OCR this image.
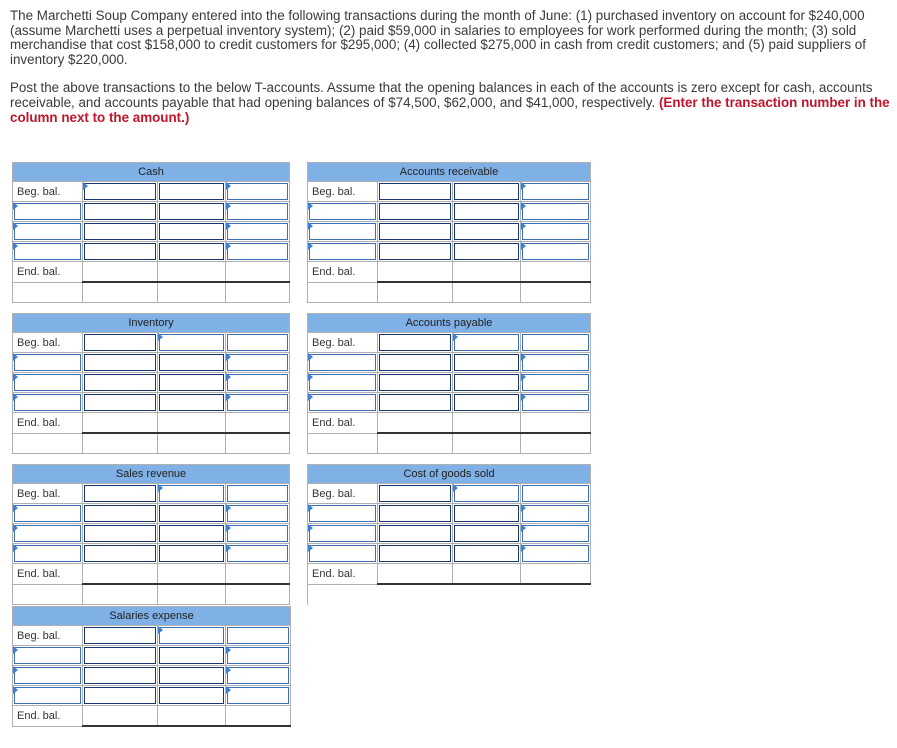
The Marchetti Soup Company entered into the following transactions during the month of June: (1) purchased inventory on account for $240,000 (assume Marchetti uses a perpetual inventory system); (2) paid $59,000 in salaries to employees for work performed during the month; (3) sold merchandise that cost $158,000 to credit customers for $295,000; (4) collected $275,000 in cash from credit customers; and (5) paid suppliers of inventory $220,000.

Post the above transactions to the below T-accounts. Assume that the opening balances in each of the accounts is zero except for cash, accounts receivable, and accounts payable that had opening balances of $74,500, $62,000, and $41,000, respectively. (Enter the transaction number in the column next to the amount.)

Cash					Accounts receivable			
Beg. bal.					Beg. bal.	

End. bal.					End. bal.			

Inventory					Accounts payable			
Beg. bal.					Beg. bal.	

End. bal.					End. bal.			

Sales revenue					Cost of goods sold			
Beg. bal.					Beg. bal.	

End. bal.					End. bal.			

Salaries expense			
Beg. bal.	

End. bal.			
